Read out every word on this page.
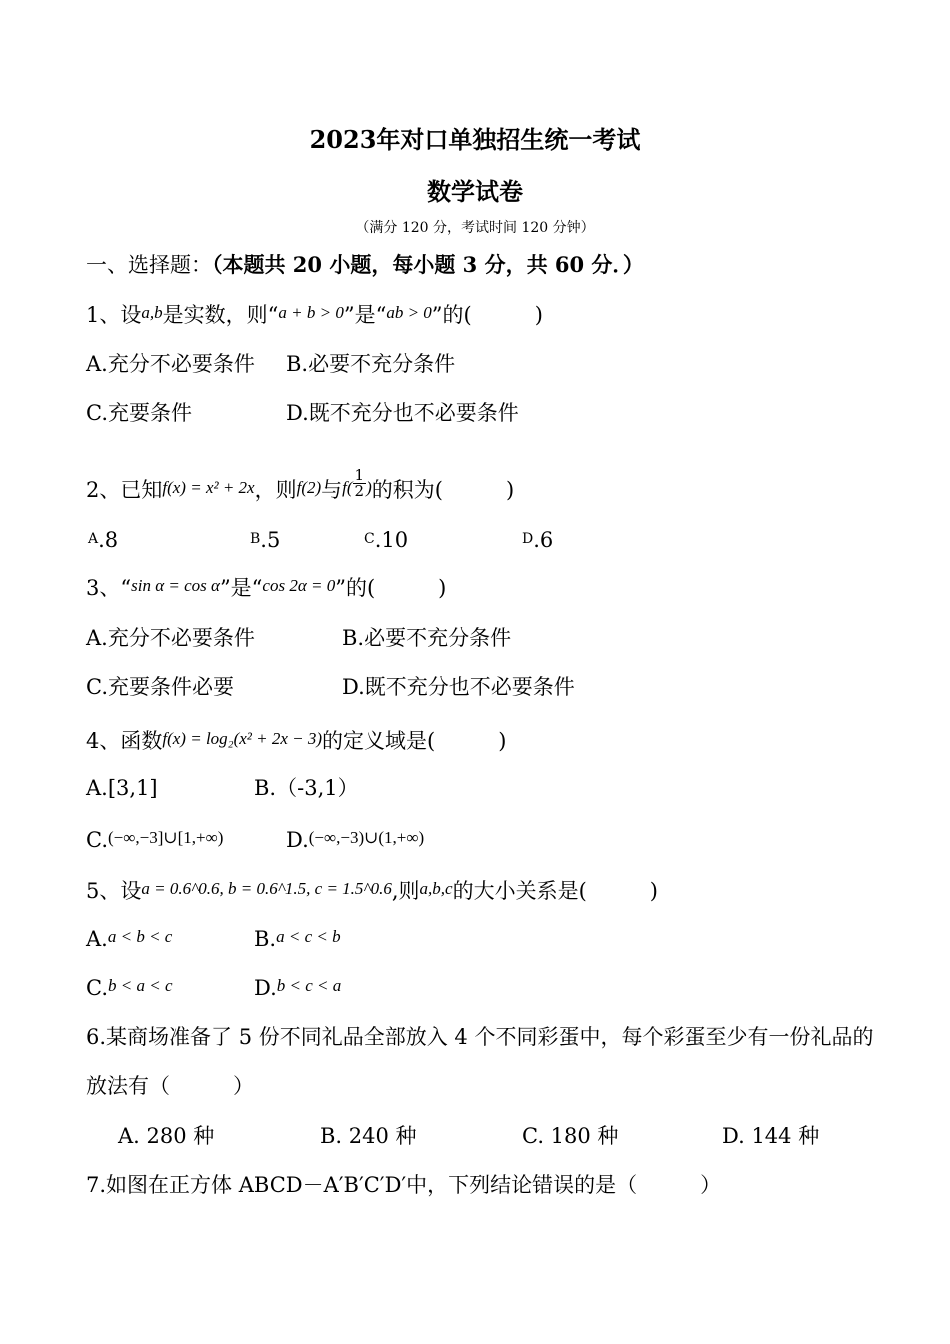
2023年对口单独招生统一考试
数学试卷
（满分 120 分，考试时间 120 分钟）
一、选择题：（本题共 20 小题，每小题 3 分，共 60 分．）
1、设a,b是实数，则“a + b > 0”是“ab > 0”的(　　　)
A.充分不必要条件 B.必要不充分条件
C.充要条件	D.既不充分也不必要条件
2、已知f(x) = x² + 2x，则f(2)与$f( \frac{1}{2}$ )的积为(　　　)
A.8	B.5	C.10	D.6
3、“sin α = cos α”是“cos 2α = 0”的(　　　)
A.充分不必要条件	B.必要不充分条件
C.充要条件必要	D.既不充分也不必要条件
4、函数f(x) = log₂(x² + 2x − 3)的定义域是(　　　)
A.[3,1]	B.（-3,1）
C.(−∞,−3]∪[1,+∞)	D.(−∞,−3)∪(1,+∞)
5、设a = 0.6^0.6, b = 0.6^1.5, c = 1.5^0.6,则a,b,c的大小关系是(　　　)
A.a < b < c	B.a < c < b
C.b < a < c	D.b < c < a
6.某商场准备了 5 份不同礼品全部放入 4 个不同彩蛋中，每个彩蛋至少有一份礼品的
放法有（　　　）
A. 280 种	B. 240 种	C. 180 种	D. 144 种
7.如图在正方体 ABCD－A′B′C′D′中，下列结论错误的是（　　　）
